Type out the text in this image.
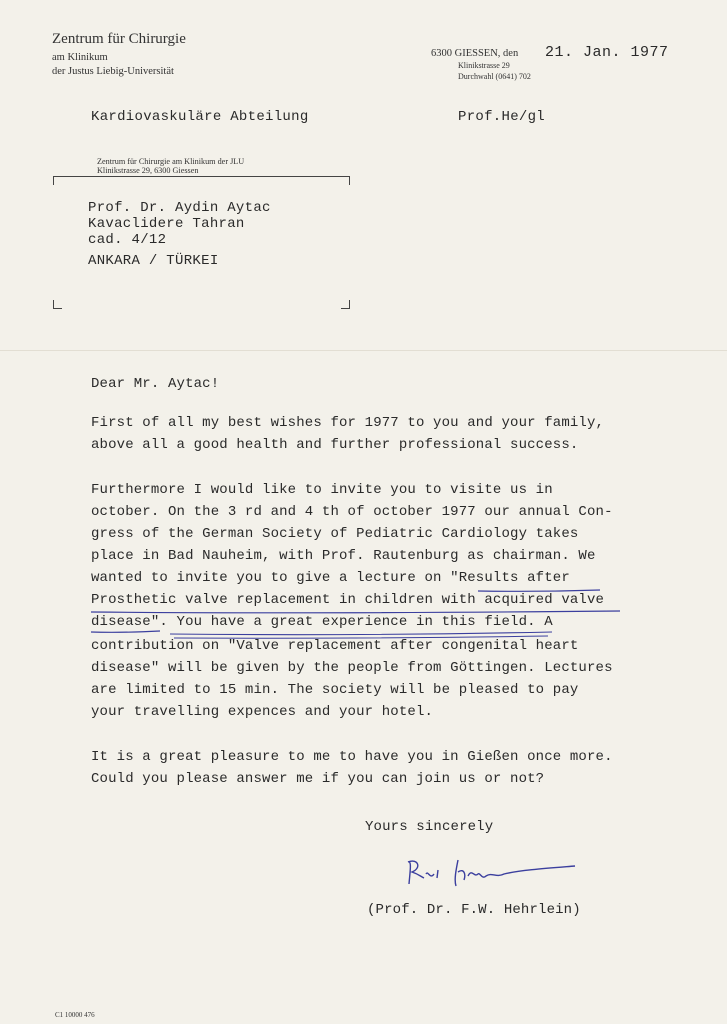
Zentrum für Chirurgie
am Klinikum
der Justus Liebig-Universität
6300 GIESSEN, den 21. Jan. 1977
Klinikstrasse 29
Durchwahl (0641) 702
Kardiovaskuläre Abteilung	Prof.He/gl
Zentrum für Chirurgie am Klinikum der JLU
Klinikstrasse 29, 6300 Giessen
Prof. Dr. Aydin Aytac
Kavaclidere Tahran
cad. 4/12
ANKARA / TÜRKEI
Dear Mr. Aytac!
First of all my best wishes for 1977 to you and your family,
above all a good health and further professional success.
Furthermore I would like to invite you to visite us in
october. On the 3 rd and 4 th of october 1977 our annual Con-
gress of the German Society of Pediatric Cardiology takes
place in Bad Nauheim, with Prof. Rautenburg as chairman. We
wanted to invite you to give a lecture on "Results after
Prosthetic valve replacement in children with acquired valve
disease". You have a great experience in this field. A
contribution on "Valve replacement after congenital heart
disease" will be given by the people from Göttingen. Lectures
are limited to 15 min. The society will be pleased to pay
your travelling expences and your hotel.
It is a great pleasure to me to have you in Gießen once more.
Could you please answer me if you can join us or not?
Yours sincerely
(Prof. Dr. F.W. Hehrlein)
C1 10000 476
